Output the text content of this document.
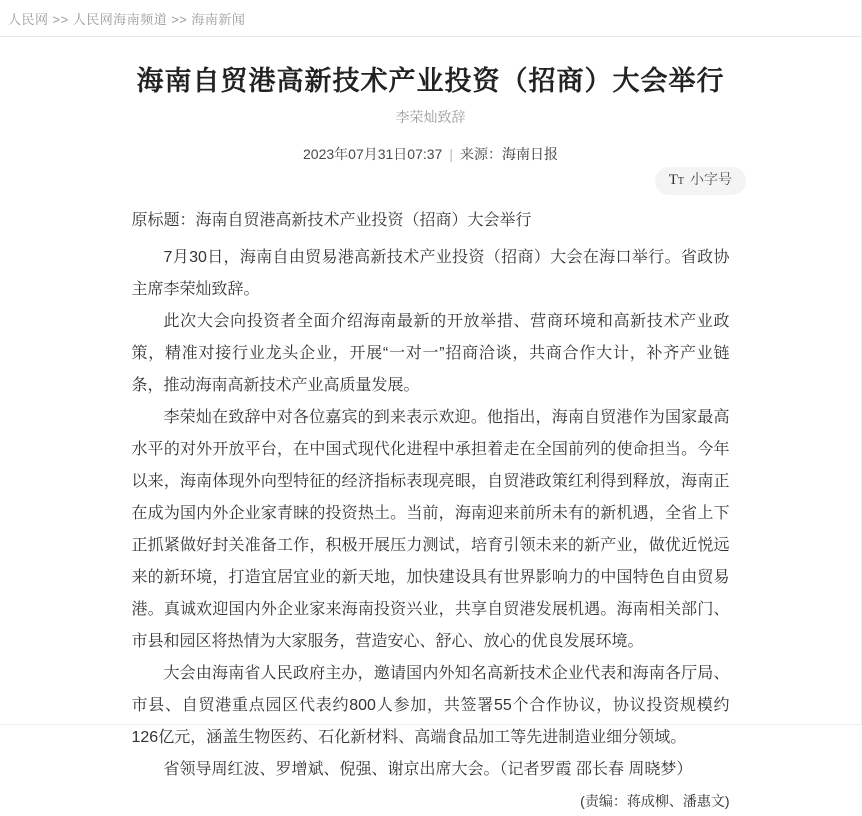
人民网 >> 人民网海南频道 >> 海南新闻
海南自贸港高新技术产业投资（招商）大会举行
李荣灿致辞
2023年07月31日07:37 | 来源：海南日报
TT 小字号

原标题：海南自贸港高新技术产业投资（招商）大会举行

7月30日，海南自由贸易港高新技术产业投资（招商）大会在海口举行。省政协主席李荣灿致辞。

此次大会向投资者全面介绍海南最新的开放举措、营商环境和高新技术产业政策，精准对接行业龙头企业，开展“一对一”招商洽谈，共商合作大计，补齐产业链条，推动海南高新技术产业高质量发展。

李荣灿在致辞中对各位嘉宾的到来表示欢迎。他指出，海南自贸港作为国家最高水平的对外开放平台，在中国式现代化进程中承担着走在全国前列的使命担当。今年以来，海南体现外向型特征的经济指标表现亮眼，自贸港政策红利得到释放，海南正在成为国内外企业家青睐的投资热土。当前，海南迎来前所未有的新机遇，全省上下正抓紧做好封关准备工作，积极开展压力测试，培育引领未来的新产业，做优近悦远来的新环境，打造宜居宜业的新天地，加快建设具有世界影响力的中国特色自由贸易港。真诚欢迎国内外企业家来海南投资兴业，共享自贸港发展机遇。海南相关部门、市县和园区将热情为大家服务，营造安心、舒心、放心的优良发展环境。

大会由海南省人民政府主办，邀请国内外知名高新技术企业代表和海南各厅局、市县、自贸港重点园区代表约800人参加，共签署55个合作协议，协议投资规模约126亿元，涵盖生物医药、石化新材料、高端食品加工等先进制造业细分领域。

省领导周红波、罗增斌、倪强、谢京出席大会。（记者罗霞 邵长春 周晓梦）

(责编：蒋成柳、潘惠文)
